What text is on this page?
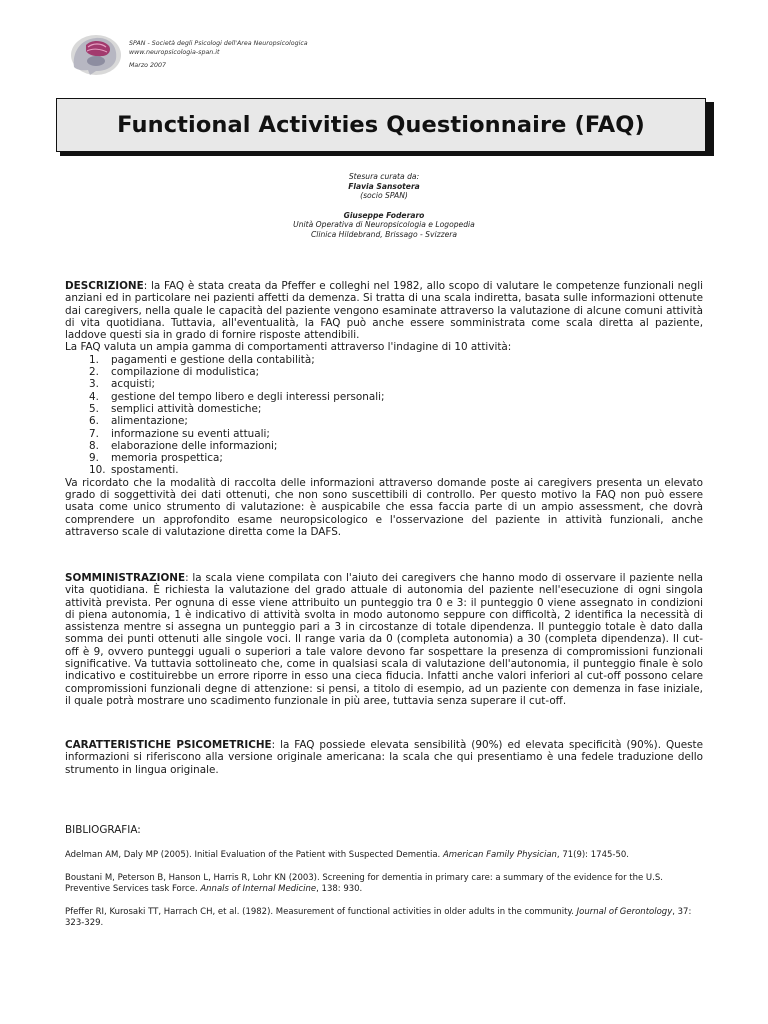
SPAN - Società degli Psicologi dell'Area Neuropsicologica
www.neuropsicologia-span.it
Marzo 2007
Functional Activities Questionnaire (FAQ)
Stesura curata da:
Flavia Sansotera
(socio SPAN)
Giuseppe Foderaro
Unità Operativa di Neuropsicologia e Logopedia
Clinica Hildebrand, Brissago - Svizzera

DESCRIZIONE: la FAQ è stata creata da Pfeffer e colleghi nel 1982, allo scopo di valutare le competenze funzionali negli anziani ed in particolare nei pazienti affetti da demenza. Si tratta di una scala indiretta, basata sulle informazioni ottenute dai caregivers, nella quale le capacità del paziente vengono esaminate attraverso la valutazione di alcune comuni attività di vita quotidiana. Tuttavia, all'eventualità, la FAQ può anche essere somministrata come scala diretta al paziente, laddove questi sia in grado di fornire risposte attendibili.

La FAQ valuta un ampia gamma di comportamenti attraverso l'indagine di 10 attività:

1. pagamenti e gestione della contabilità;
2. compilazione di modulistica;
3. acquisti;
4. gestione del tempo libero e degli interessi personali;
5. semplici attività domestiche;
6. alimentazione;
7. informazione su eventi attuali;
8. elaborazione delle informazioni;
9. memoria prospettica;
10. spostamenti.

Va ricordato che la modalità di raccolta delle informazioni attraverso domande poste ai caregivers presenta un elevato grado di soggettività dei dati ottenuti, che non sono suscettibili di controllo. Per questo motivo la FAQ non può essere usata come unico strumento di valutazione: è auspicabile che essa faccia parte di un ampio assessment, che dovrà comprendere un approfondito esame neuropsicologico e l'osservazione del paziente in attività funzionali, anche attraverso scale di valutazione diretta come la DAFS.

SOMMINISTRAZIONE: la scala viene compilata con l'aiuto dei caregivers che hanno modo di osservare il paziente nella vita quotidiana. È richiesta la valutazione del grado attuale di autonomia del paziente nell'esecuzione di ogni singola attività prevista. Per ognuna di esse viene attribuito un punteggio tra 0 e 3: il punteggio 0 viene assegnato in condizioni di piena autonomia, 1 è indicativo di attività svolta in modo autonomo seppure con difficoltà, 2 identifica la necessità di assistenza mentre si assegna un punteggio pari a 3 in circostanze di totale dipendenza. Il punteggio totale è dato dalla somma dei punti ottenuti alle singole voci. Il range varia da 0 (completa autonomia) a 30 (completa dipendenza). Il cut-off è 9, ovvero punteggi uguali o superiori a tale valore devono far sospettare la presenza di compromissioni funzionali significative. Va tuttavia sottolineato che, come in qualsiasi scala di valutazione dell'autonomia, il punteggio finale è solo indicativo e costituirebbe un errore riporre in esso una cieca fiducia. Infatti anche valori inferiori al cut-off possono celare compromissioni funzionali degne di attenzione: si pensi, a titolo di esempio, ad un paziente con demenza in fase iniziale, il quale potrà mostrare uno scadimento funzionale in più aree, tuttavia senza superare il cut-off.

CARATTERISTICHE PSICOMETRICHE: la FAQ possiede elevata sensibilità (90%) ed elevata specificità (90%). Queste informazioni si riferiscono alla versione originale americana: la scala che qui presentiamo è una fedele traduzione dello strumento in lingua originale.

BIBLIOGRAFIA:

Adelman AM, Daly MP (2005). Initial Evaluation of the Patient with Suspected Dementia. American Family Physician, 71(9): 1745-50.

Boustani M, Peterson B, Hanson L, Harris R, Lohr KN (2003). Screening for dementia in primary care: a summary of the evidence for the U.S. Preventive Services task Force. Annals of Internal Medicine, 138: 930.

Pfeffer RI, Kurosaki TT, Harrach CH, et al. (1982). Measurement of functional activities in older adults in the community. Journal of Gerontology, 37: 323-329.
